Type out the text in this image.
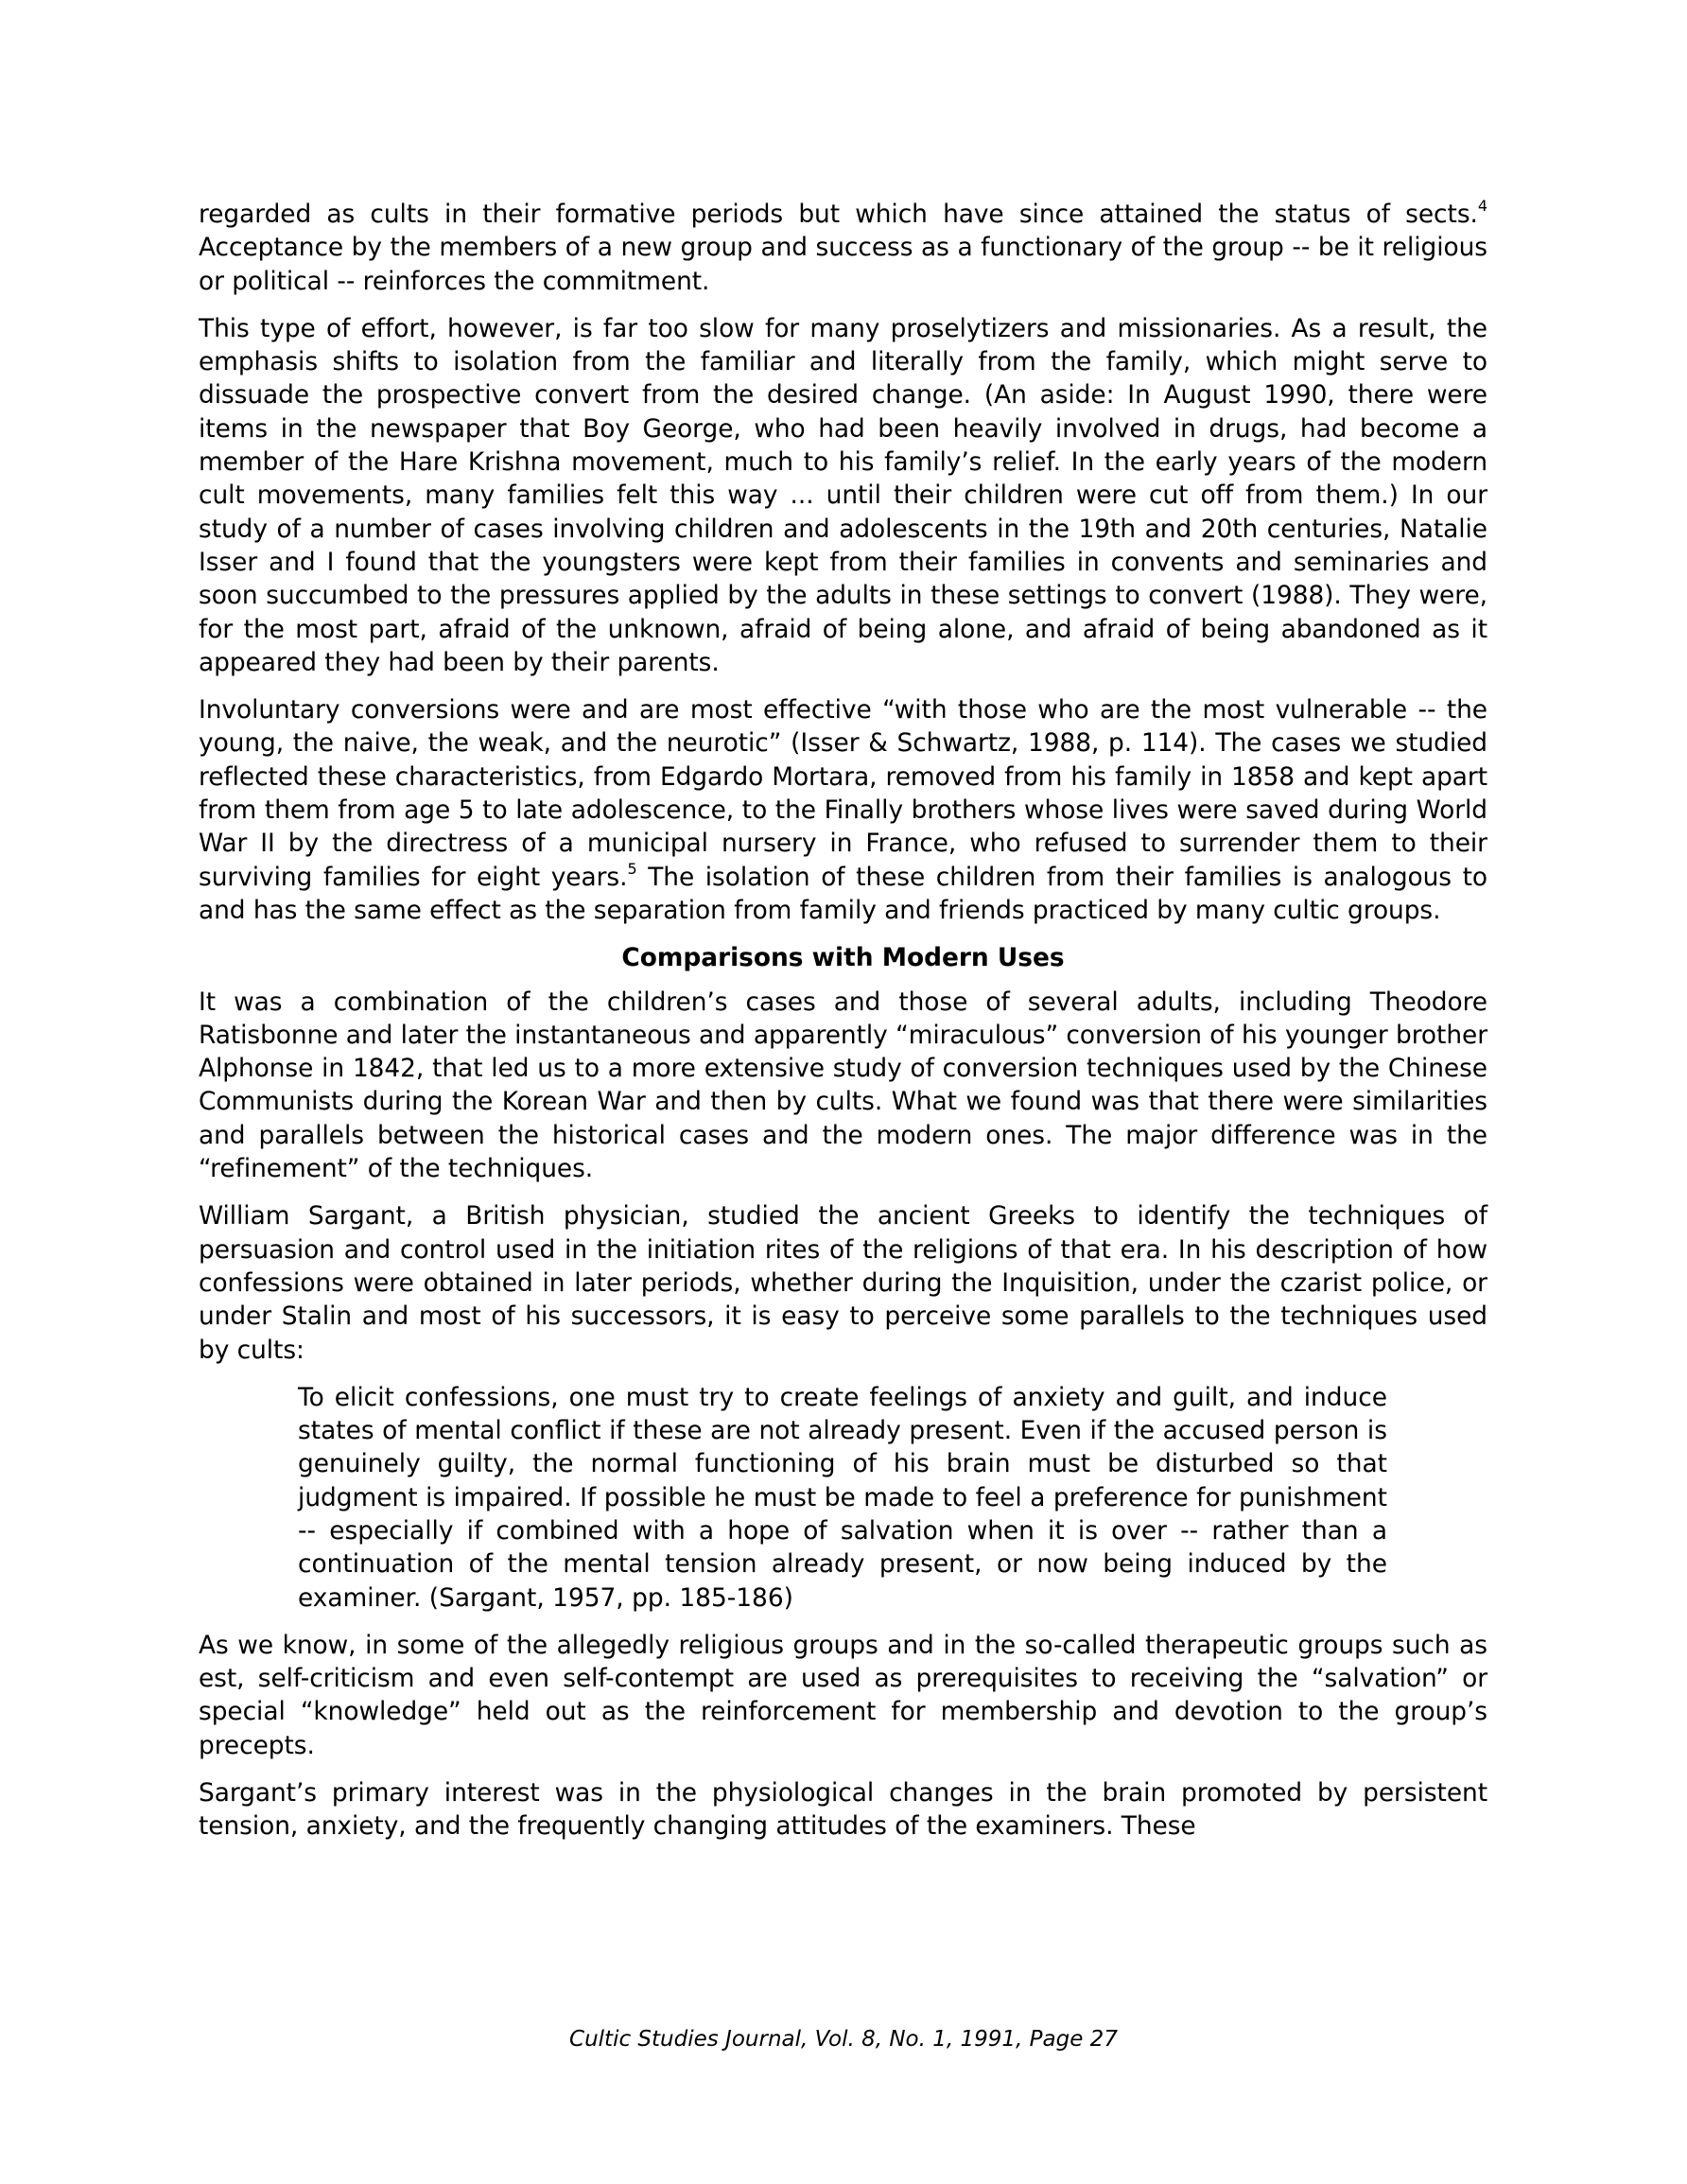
regarded as cults in their formative periods but which have since attained the status of sects.$^4$ Acceptance by the members of a new group and success as a functionary of the group -- be it religious or political -- reinforces the commitment.

This type of effort, however, is far too slow for many proselytizers and missionaries. As a result, the emphasis shifts to isolation from the familiar and literally from the family, which might serve to dissuade the prospective convert from the desired change. (An aside: In August 1990, there were items in the newspaper that Boy George, who had been heavily involved in drugs, had become a member of the Hare Krishna movement, much to his family’s relief. In the early years of the modern cult movements, many families felt this way ... until their children were cut off from them.) In our study of a number of cases involving children and adolescents in the 19th and 20th centuries, Natalie Isser and I found that the youngsters were kept from their families in convents and seminaries and soon succumbed to the pressures applied by the adults in these settings to convert (1988). They were, for the most part, afraid of the unknown, afraid of being alone, and afraid of being abandoned as it appeared they had been by their parents.

Involuntary conversions were and are most effective “with those who are the most vulnerable -- the young, the naive, the weak, and the neurotic” (Isser & Schwartz, 1988, p. 114). The cases we studied reflected these characteristics, from Edgardo Mortara, removed from his family in 1858 and kept apart from them from age 5 to late adolescence, to the Finally brothers whose lives were saved during World War II by the directress of a municipal nursery in France, who refused to surrender them to their surviving families for eight years.$^5$ The isolation of these children from their families is analogous to and has the same effect as the separation from family and friends practiced by many cultic groups.

Comparisons with Modern Uses

It was a combination of the children’s cases and those of several adults, including Theodore Ratisbonne and later the instantaneous and apparently “miraculous” conversion of his younger brother Alphonse in 1842, that led us to a more extensive study of conversion techniques used by the Chinese Communists during the Korean War and then by cults. What we found was that there were similarities and parallels between the historical cases and the modern ones. The major difference was in the “refinement” of the techniques.

William Sargant, a British physician, studied the ancient Greeks to identify the techniques of persuasion and control used in the initiation rites of the religions of that era. In his description of how confessions were obtained in later periods, whether during the Inquisition, under the czarist police, or under Stalin and most of his successors, it is easy to perceive some parallels to the techniques used by cults:

To elicit confessions, one must try to create feelings of anxiety and guilt, and induce states of mental conflict if these are not already present. Even if the accused person is genuinely guilty, the normal functioning of his brain must be disturbed so that judgment is impaired. If possible he must be made to feel a preference for punishment -- especially if combined with a hope of salvation when it is over -- rather than a continuation of the mental tension already present, or now being induced by the examiner. (Sargant, 1957, pp. 185-186)

As we know, in some of the allegedly religious groups and in the so-called therapeutic groups such as est, self-criticism and even self-contempt are used as prerequisites to receiving the “salvation” or special “knowledge” held out as the reinforcement for membership and devotion to the group’s precepts.

Sargant’s primary interest was in the physiological changes in the brain promoted by persistent tension, anxiety, and the frequently changing attitudes of the examiners. These

Cultic Studies Journal, Vol. 8, No. 1, 1991, Page 27
